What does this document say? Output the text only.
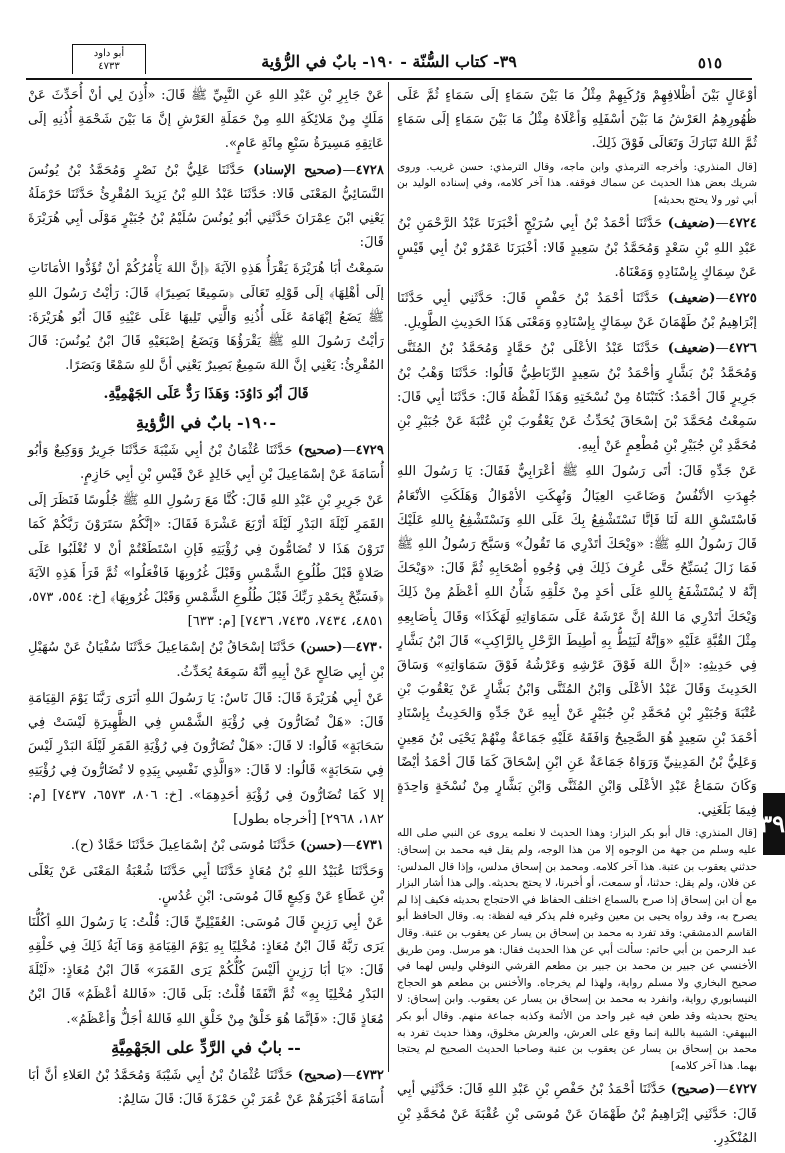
٥١٥
٣٩- كتاب السُّنّة - ١٩٠- بابٌ في الرُّؤية
أبو داود
٤٧٣٣

أوْعَالٍ بَيْنَ أظْلافِهِمْ وَرُكَبِهِمْ مِثْلُ مَا بَيْنَ سَمَاءٍ إلَى سَمَاءٍ ثُمَّ عَلَى ظُهُورِهِمُ العَرْشُ مَا بَيْنَ أسْفَلِهِ وَأعْلَاهُ مِثْلُ مَا بَيْنَ سَمَاءٍ إلَى سَمَاءٍ ثُمَّ اللهُ تَبَارَكَ وَتَعَالَى فَوْقَ ذَلِكَ.

[قال المنذري: وأخرجه الترمذي وابن ماجه، وقال الترمذي: حسن غريب. وروى شريك بعض هذا الحديث عن سماك فوقفه. هذا آخر كلامه، وفي إسناده الوليد بن أبي ثور ولا يحتج بحديثه]

٤٧٢٤—(ضعيف) حَدَّثَنَا أحْمَدُ بْنُ أبِي سُرَيْجٍ أخْبَرَنَا عَبْدُ الرَّحْمَنِ بْنُ عَبْدِ اللهِ بْنِ سَعْدٍ وَمُحَمَّدُ بْنُ سَعِيدٍ قَالا: أخْبَرَنَا عَمْرُو بْنُ أبِي قَيْسٍ عَنْ سِمَاكٍ بِإسْنَادِهِ وَمَعْنَاهُ.

٤٧٢٥—(ضعيف) حَدَّثَنَا أحْمَدُ بْنُ حَفْصٍ قَالَ: حَدَّثَنِي أبِي حَدَّثَنَا إبْرَاهِيمُ بْنُ طَهْمَانَ عَنْ سِمَاكٍ بِإسْنَادِهِ وَمَعْنَى هَذَا الحَدِيثِ الطَّوِيلِ.

٤٧٢٦—(ضعيف) حَدَّثَنَا عَبْدُ الأعْلَى بْنُ حَمَّادٍ وَمُحَمَّدُ بْنُ المُثَنَّى وَمُحَمَّدُ بْنُ بَشَّارٍ وَأحْمَدُ بْنُ سَعِيدٍ الرِّبَاطِيُّ قَالُوا: حَدَّثَنَا وَهْبُ بْنُ جَرِيرٍ قَالَ أحْمَدُ: كَتَبْنَاهُ مِنْ نُسْخَتِهِ وَهَذَا لَفْظُهُ قَالَ: حَدَّثَنَا أبِي قَالَ: سَمِعْتُ مُحَمَّدَ بْنَ إسْحَاقَ يُحَدِّثُ عَنْ يَعْقُوبَ بْنِ عُتْبَةَ عَنْ جُبَيْرِ بْنِ مُحَمَّدِ بْنِ جُبَيْرِ بْنِ مُطْعِمٍ عَنْ أبِيهِ.

عَنْ جَدِّهِ قَالَ: أتَى رَسُولَ اللهِ ﷺ أعْرَابِيٌّ فَقَالَ: يَا رَسُولَ اللهِ جُهِدَتِ الأنْفُسُ وَضَاعَتِ العِيَالُ وَنُهِكَتِ الأمْوَالُ وَهَلَكَتِ الأنْعَامُ فَاسْتَسْقِ اللهَ لَنَا فَإنَّا نَسْتَشْفِعُ بِكَ عَلَى اللهِ وَنَسْتَشْفِعُ بِاللهِ عَلَيْكَ قَالَ رَسُولُ اللهِ ﷺ: «وَيْحَكَ أتَدْرِي مَا تَقُولُ» وَسَبَّحَ رَسُولُ اللهِ ﷺ فَمَا زَالَ يُسَبِّحُ حَتَّى عُرِفَ ذَلِكَ فِي وُجُوهِ أصْحَابِهِ ثُمَّ قَالَ: «وَيْحَكَ إنَّهُ لا يُسْتَشْفَعُ بِاللهِ عَلَى أحَدٍ مِنْ خَلْقِهِ شَأْنُ اللهِ أعْظَمُ مِنْ ذَلِكَ وَيْحَكَ أتَدْرِي مَا اللهُ إنَّ عَرْشَهُ عَلَى سَمَاوَاتِهِ لَهَكَذَا» وَقَالَ بِأصَابِعِهِ مِثْلَ القُبَّةِ عَلَيْهِ «وَإنَّهُ لَيَئِطُّ بِهِ أطِيطَ الرَّحْلِ بِالرَّاكِبِ» قَالَ ابْنُ بَشَّارٍ فِي حَدِيثِهِ: «إنَّ اللهَ فَوْقَ عَرْشِهِ وَعَرْشُهُ فَوْقَ سَمَاوَاتِهِ» وَسَاقَ الحَدِيثَ وَقَالَ عَبْدُ الأعْلَى وَابْنُ المُثَنَّى وَابْنُ بَشَّارٍ عَنْ يَعْقُوبَ بْنِ عُتْبَةَ وَجُبَيْرِ بْنِ مُحَمَّدِ بْنِ جُبَيْرٍ عَنْ أبِيهِ عَنْ جَدِّهِ وَالحَدِيثُ بِإسْنَادِ أحْمَدَ بْنِ سَعِيدٍ هُوَ الصَّحِيحُ وَافَقَهُ عَلَيْهِ جَمَاعَةٌ مِنْهُمْ يَحْيَى بْنُ مَعِينٍ وَعَلِيُّ بْنُ المَدِينِيِّ وَرَوَاهُ جَمَاعَةٌ عَنِ ابْنِ إسْحَاقَ كَمَا قَالَ أحْمَدُ أيْضًا وَكَانَ سَمَاعُ عَبْدِ الأعْلَى وَابْنِ المُثَنَّى وَابْنِ بَشَّارٍ مِنْ نُسْخَةٍ وَاحِدَةٍ فِيمَا بَلَغَنِي.

[قال المنذري: قال أبو بكر البزار: وهذا الحديث لا نعلمه يروى عن النبي صلى الله عليه وسلم من جهة من الوجوه إلا من هذا الوجه، ولم يقل فيه محمد بن إسحاق: حدثني يعقوب بن عتبة. هذا آخر كلامه. ومحمد بن إسحاق مدلس، وإذا قال المدلس: عن فلان، ولم يقل: حدثنا، أو سمعت، أو أخبرنا، لا يحتج بحديثه. وإلى هذا أشار البزار مع أن ابن إسحاق إذا صرح بالسماع اختلف الحفاظ في الاحتجاج بحديثه فكيف إذا لم يصرح به، وقد رواه يحيى بن معين وغيره فلم يذكر فيه لفظة: به. وقال الحافظ أبو القاسم الدمشقي: وقد تفرد به محمد بن إسحاق بن يسار عن يعقوب بن عتبة. وقال عبد الرحمن بن أبي حاتم: سألت أبي عن هذا الحديث فقال: هو مرسل. ومن طريق الأخنسي عن جبير بن محمد بن جبير بن مطعم القرشي النوفلي وليس لهما في صحيح البخاري ولا مسلم رواية، ولهذا لم يخرجاه. والأخنس بن مطعم هو الحجاج النيسابوري رواية، وانفرد به محمد بن إسحاق بن يسار عن يعقوب. وابن إسحاق: لا يحتج بحديثه وقد طعن فيه غير واحد من الأئمة وكذبه جماعة منهم. وقال أبو بكر البيهقي: الشيبة باللبة إنما وقع على العرش، والعرش مخلوق، وهذا حديث تفرد به محمد بن إسحاق بن يسار عن يعقوب بن عتبة وصاحبا الحديث الصحيح لم يحتجا بهما. هذا آخر كلامه]

٤٧٢٧—(صحيح) حَدَّثَنَا أحْمَدُ بْنُ حَفْصِ بْنِ عَبْدِ اللهِ قَالَ: حَدَّثَنِي أبِي قَالَ: حَدَّثَنِي إبْرَاهِيمُ بْنُ طَهْمَانَ عَنْ مُوسَى بْنِ عُقْبَةَ عَنْ مُحَمَّدِ بْنِ المُنْكَدِرِ.

عَنْ جَابِرِ بْنِ عَبْدِ اللهِ عَنِ النَّبِيِّ ﷺ قَالَ: «أُذِنَ لِي أنْ أُحَدِّثَ عَنْ مَلَكٍ مِنْ مَلائِكَةِ اللهِ مِنْ حَمَلَةِ العَرْشِ إنَّ مَا بَيْنَ شَحْمَةِ أُذُنِهِ إلَى عَاتِقِهِ مَسِيرَةُ سَبْعِ مِائَةِ عَامٍ».

٤٧٢٨—(صحيح الإسناد) حَدَّثَنَا عَلِيُّ بْنُ نَصْرٍ وَمُحَمَّدُ بْنُ يُونُسَ النَّسَائِيُّ المَعْنَى قَالا: حَدَّثَنَا عَبْدُ اللهِ بْنُ يَزِيدَ المُقْرِئُ حَدَّثَنَا حَرْمَلَةُ يَعْنِي ابْنَ عِمْرَانَ حَدَّثَنِي أبُو يُونُسَ سُلَيْمُ بْنُ جُبَيْرٍ مَوْلَى أبِي هُرَيْرَةَ قَالَ:

سَمِعْتُ أبَا هُرَيْرَةَ يَقْرَأُ هَذِهِ الآيَةَ ﴿إنَّ اللهَ يَأْمُرُكُمْ أنْ تُؤَدُّوا الأمَانَاتِ إلَى أهْلِهَا﴾ إلَى قَوْلِهِ تَعَالَى ﴿سَمِيعًا بَصِيرًا﴾ قَالَ: رَأيْتُ رَسُولَ اللهِ ﷺ يَضَعُ إبْهَامَهُ عَلَى أُذُنِهِ وَالَّتِي تَلِيهَا عَلَى عَيْنِهِ قَالَ أبُو هُرَيْرَةَ: رَأيْتُ رَسُولَ اللهِ ﷺ يَقْرَؤُهَا وَيَضَعُ إصْبَعَيْهِ قَالَ ابْنُ يُونُسَ: قَالَ المُقْرِئُ: يَعْنِي إنَّ اللهَ سَمِيعٌ بَصِيرٌ يَعْنِي أنَّ للهِ سَمْعًا وَبَصَرًا.

قَالَ أبُو دَاوُدَ: وَهَذَا رَدٌّ عَلَى الجَهْمِيَّةِ.

-١٩٠- بابٌ في الرُّؤيةِ

٤٧٢٩—(صحيح) حَدَّثَنَا عُثْمَانُ بْنُ أبِي شَيْبَةَ حَدَّثَنَا جَرِيرٌ وَوَكِيعٌ وَأبُو أُسَامَةَ عَنْ إسْمَاعِيلَ بْنِ أبِي خَالِدٍ عَنْ قَيْسِ بْنِ أبِي حَازِمٍ.

عَنْ جَرِيرِ بْنِ عَبْدِ اللهِ قَالَ: كُنَّا مَعَ رَسُولِ اللهِ ﷺ جُلُوسًا فَنَظَرَ إلَى القَمَرِ لَيْلَةَ البَدْرِ لَيْلَةَ أرْبَعَ عَشْرَةَ فَقَالَ: «إنَّكُمْ سَتَرَوْنَ رَبَّكُمْ كَمَا تَرَوْنَ هَذَا لا تُضَامُّونَ فِي رُؤْيَتِهِ فَإنِ اسْتَطَعْتُمْ أنْ لا تُغْلَبُوا عَلَى صَلاةٍ قَبْلَ طُلُوعِ الشَّمْسِ وَقَبْلَ غُرُوبِهَا فَافْعَلُوا» ثُمَّ قَرَأَ هَذِهِ الآيَةَ ﴿فَسَبِّحْ بِحَمْدِ رَبِّكَ قَبْلَ طُلُوعِ الشَّمْسِ وَقَبْلَ غُرُوبِهَا﴾ [خ: ٥٥٤، ٥٧٣، ٤٨٥١، ٧٤٣٤، ٧٤٣٥، ٧٤٣٦] [م: ٦٣٣]

٤٧٣٠—(حسن) حَدَّثَنَا إسْحَاقُ بْنُ إسْمَاعِيلَ حَدَّثَنَا سُفْيَانُ عَنْ سُهَيْلِ بْنِ أبِي صَالِحٍ عَنْ أبِيهِ أنَّهُ سَمِعَهُ يُحَدِّثُ.

عَنْ أبِي هُرَيْرَةَ قَالَ: قَالَ نَاسٌ: يَا رَسُولَ اللهِ أنَرَى رَبَّنَا يَوْمَ القِيَامَةِ قَالَ: «هَلْ تُضَارُّونَ فِي رُؤْيَةِ الشَّمْسِ فِي الظَّهِيرَةِ لَيْسَتْ فِي سَحَابَةٍ» قَالُوا: لا قَالَ: «هَلْ تُضَارُّونَ فِي رُؤْيَةِ القَمَرِ لَيْلَةَ البَدْرِ لَيْسَ فِي سَحَابَةٍ» قَالُوا: لا قَالَ: «وَالَّذِي نَفْسِي بِيَدِهِ لا تُضَارُّونَ فِي رُؤْيَتِهِ إلا كَمَا تُضَارُّونَ فِي رُؤْيَةِ أحَدِهِمَا». [خ: ٨٠٦، ٦٥٧٣، ٧٤٣٧] [م: ١٨٢، ٢٩٦٨] [أخرجاه بطول]

٤٧٣١—(حسن) حَدَّثَنَا مُوسَى بْنُ إسْمَاعِيلَ حَدَّثَنَا حَمَّادٌ (ح).

وَحَدَّثَنَا عُبَيْدُ اللهِ بْنُ مُعَاذٍ حَدَّثَنَا أبِي حَدَّثَنَا شُعْبَةُ المَعْنَى عَنْ يَعْلَى بْنِ عَطَاءٍ عَنْ وَكِيعٍ قَالَ مُوسَى: ابْنِ عُدُسٍ.

عَنْ أبِي رَزِينٍ قَالَ مُوسَى: العُقَيْلِيِّ قَالَ: قُلْتُ: يَا رَسُولَ اللهِ أكُلُّنَا يَرَى رَبَّهُ قَالَ ابْنُ مُعَاذٍ: مُخْلِيًا بِهِ يَوْمَ القِيَامَةِ وَمَا آيَةُ ذَلِكَ فِي خَلْقِهِ قَالَ: «يَا أبَا رَزِينٍ ألَيْسَ كُلُّكُمْ يَرَى القَمَرَ» قَالَ ابْنُ مُعَاذٍ: «لَيْلَةَ البَدْرِ مُخْلِيًا بِهِ» ثُمَّ اتَّفَقَا قُلْتُ: بَلَى قَالَ: «فَاللهُ أعْظَمُ» قَالَ ابْنُ مُعَاذٍ قَالَ: «فَإنَّمَا هُوَ خَلْقٌ مِنْ خَلْقِ اللهِ فَاللهُ أجَلُّ وَأعْظَمُ».

-- بابٌ في الرَّدِّ على الجَهْمِيَّةِ

٤٧٣٢—(صحيح) حَدَّثَنَا عُثْمَانُ بْنُ أبِي شَيْبَةَ وَمُحَمَّدُ بْنُ العَلاءِ أنَّ أبَا أُسَامَةَ أخْبَرَهُمْ عَنْ عُمَرَ بْنِ حَمْزَةَ قَالَ: قَالَ سَالِمٌ:

٣٩
